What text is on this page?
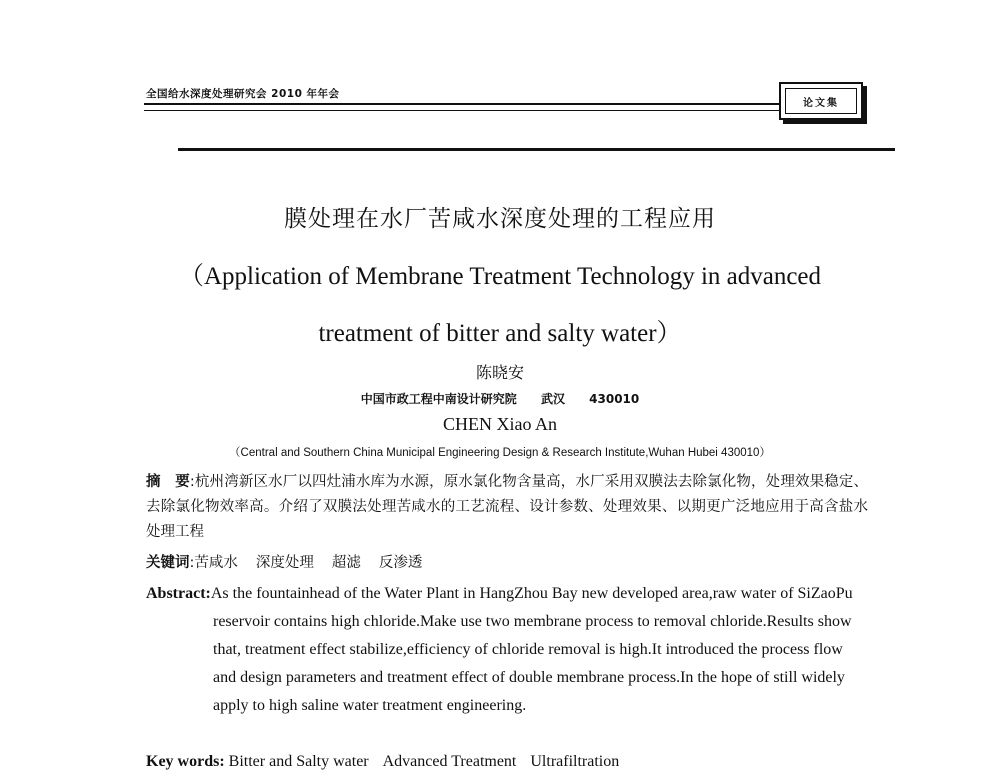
全国给水深度处理研究会 2010 年年会
论文集
膜处理在水厂苦咸水深度处理的工程应用
（Application of Membrane Treatment Technology in advanced
treatment of bitter and salty water）
陈晓安
中国市政工程中南设计研究院 武汉 430010
CHEN Xiao An
（Central and Southern China Municipal Engineering Design & Research Institute,Wuhan Hubei 430010）
摘　要:杭州湾新区水厂以四灶浦水库为水源，原水氯化物含量高，水厂采用双膜法去除氯化物，处理效果稳定、去除氯化物效率高。介绍了双膜法处理苦咸水的工艺流程、设计参数、处理效果、以期更广泛地应用于高含盐水处理工程
关键词:苦咸水 深度处理 超滤 反渗透
Abstract:As the fountainhead of the Water Plant in HangZhou Bay new developed area,raw water of SiZaoPu reservoir contains high chloride.Make use two membrane process to removal chloride.Results show that, treatment effect stabilize,efficiency of chloride removal is high.It introduced the process flow and design parameters and treatment effect of double membrane process.In the hope of still widely apply to high saline water treatment engineering.
Key words: Bitter and Salty water Advanced Treatment Ultrafiltration
